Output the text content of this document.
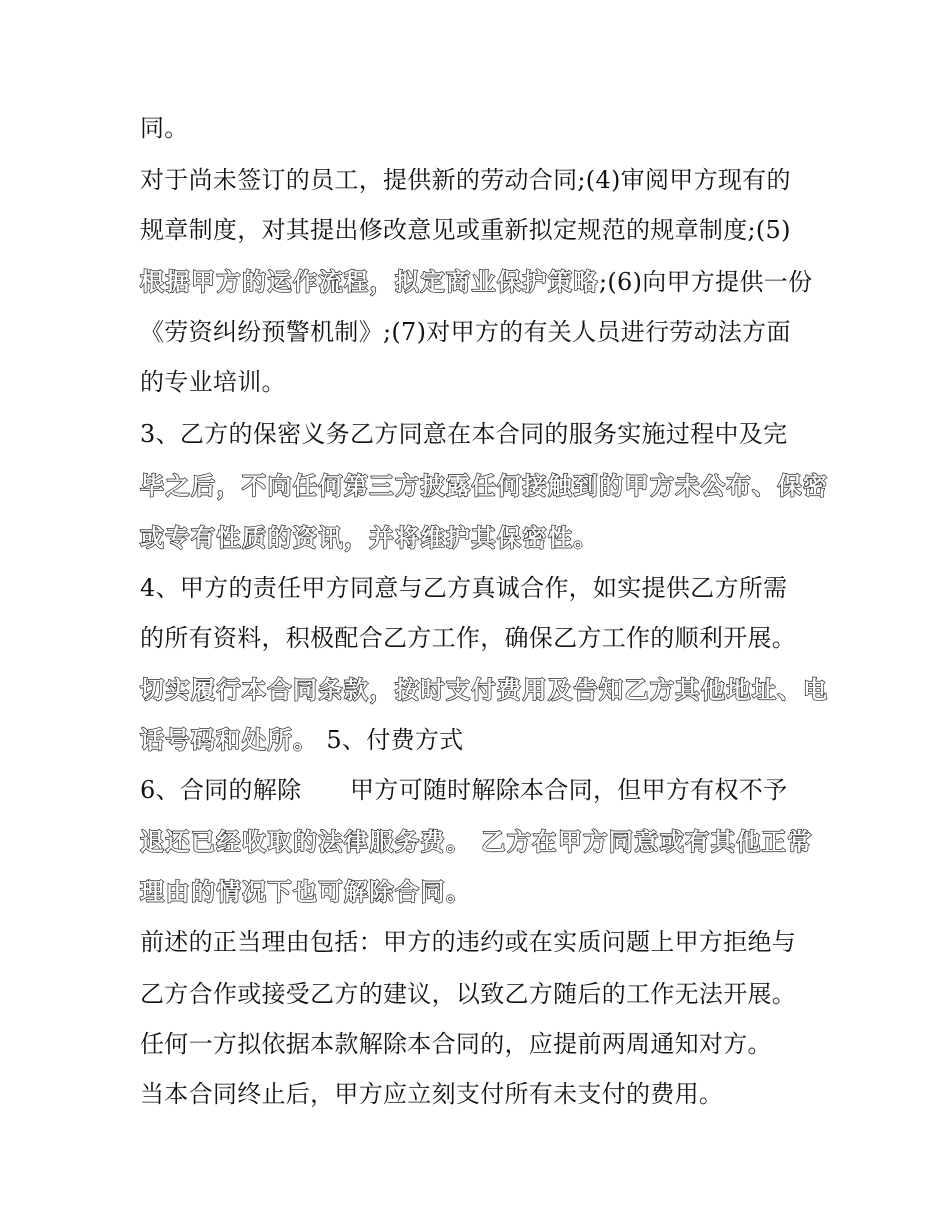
同。
对于尚未签订的员工，提供新的劳动合同;(4)审阅甲方现有的
规章制度，对其提出修改意见或重新拟定规范的规章制度;(5)
根据甲方的运作流程，拟定商业保护策略;(6)向甲方提供一份
《劳资纠纷预警机制》;(7)对甲方的有关人员进行劳动法方面
的专业培训。
3、乙方的保密义务乙方同意在本合同的服务实施过程中及完
毕之后，不向任何第三方披露任何接触到的甲方未公布、保密
或专有性质的资讯，并将维护其保密性。
4、甲方的责任甲方同意与乙方真诚合作，如实提供乙方所需
的所有资料，积极配合乙方工作，确保乙方工作的顺利开展。
切实履行本合同条款，按时支付费用及告知乙方其他地址、电
话号码和处所。 5、付费方式
6、合同的解除　　甲方可随时解除本合同，但甲方有权不予
退还已经收取的法律服务费。 乙方在甲方同意或有其他正常
理由的情况下也可解除合同。
前述的正当理由包括：甲方的违约或在实质问题上甲方拒绝与
乙方合作或接受乙方的建议，以致乙方随后的工作无法开展。
任何一方拟依据本款解除本合同的，应提前两周通知对方。
当本合同终止后，甲方应立刻支付所有未支付的费用。
